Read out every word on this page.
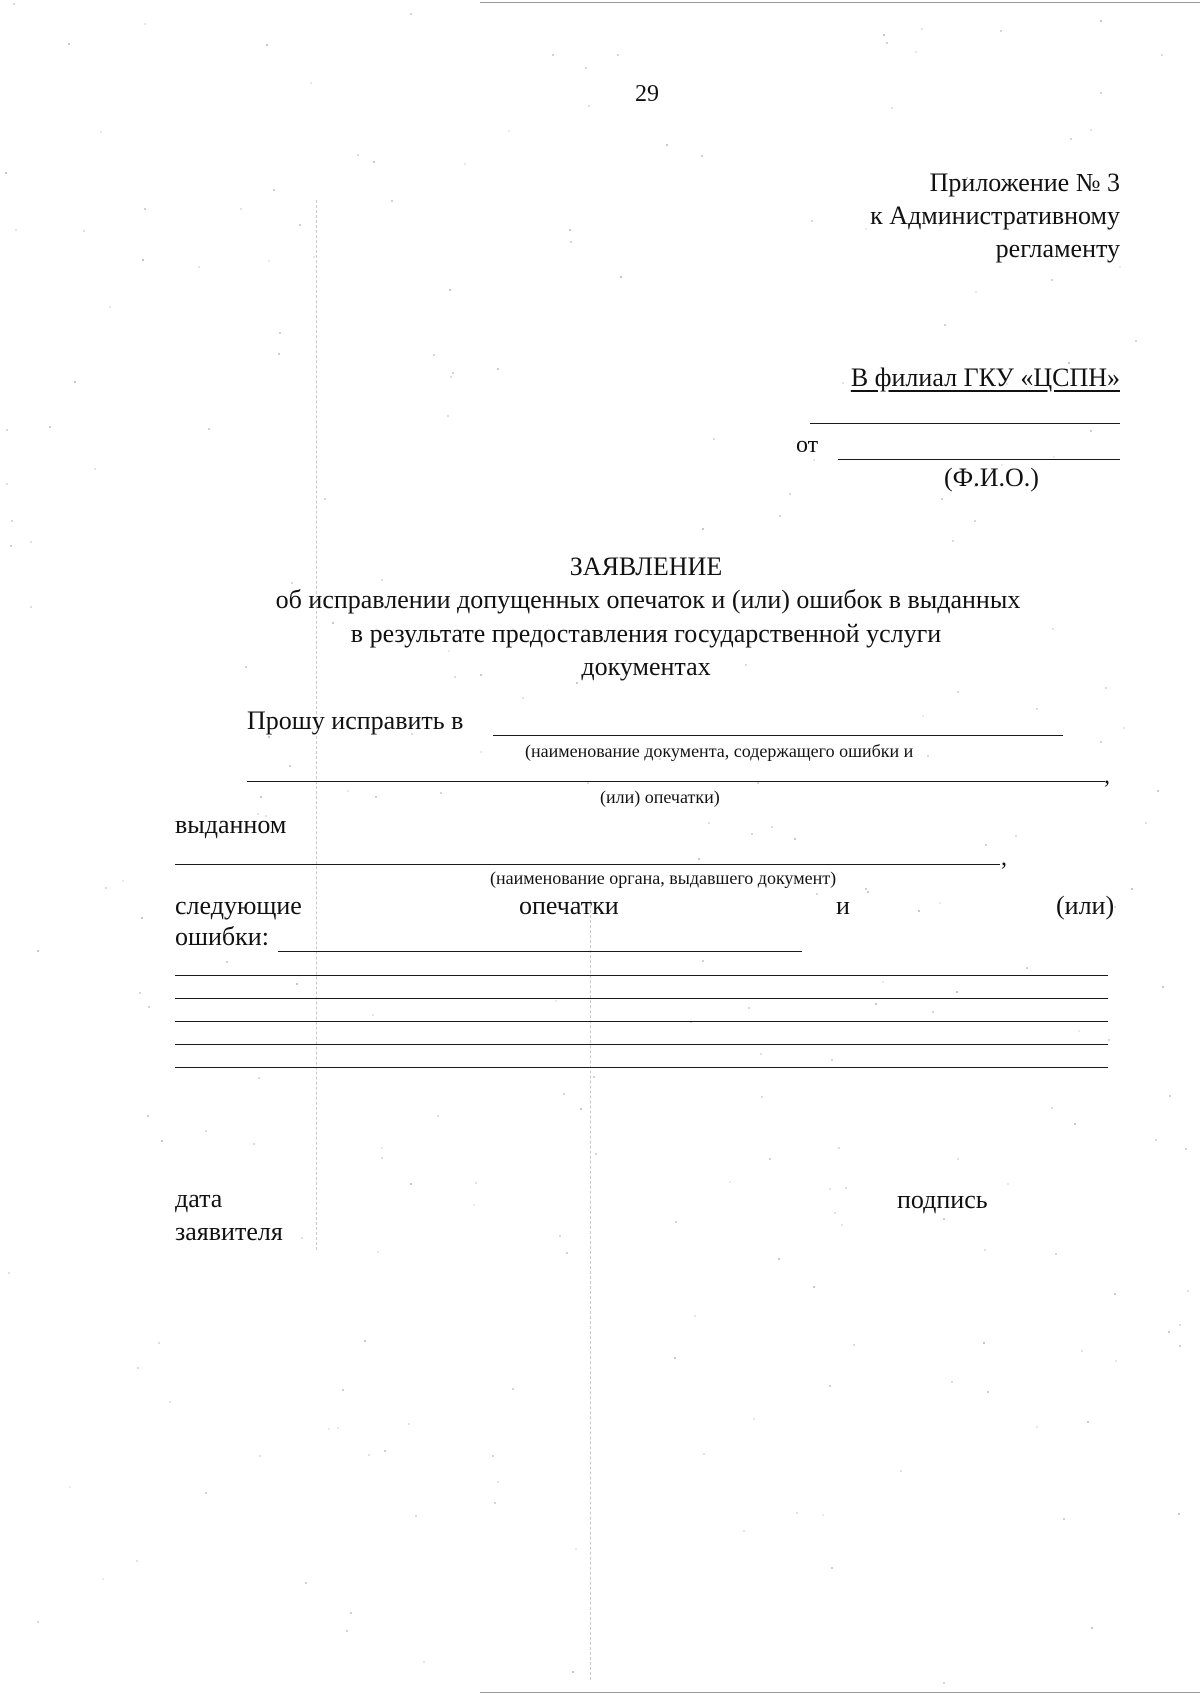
29
Приложение № 3
к Административному
регламенту
В филиал ГКУ «ЦСПН»
от
(Ф.И.О.)
ЗАЯВЛЕНИЕ
об исправлении допущенных опечаток и (или) ошибок в выданных
в результате предоставления государственной услуги
документах
Прошу исправить в
(наименование документа, содержащего ошибки и
,
(или) опечатки)
выданном
,
(наименование органа, выдавшего документ)
следующие	опечатки	и	(или)
ошибки:
дата
заявителя
подпись
